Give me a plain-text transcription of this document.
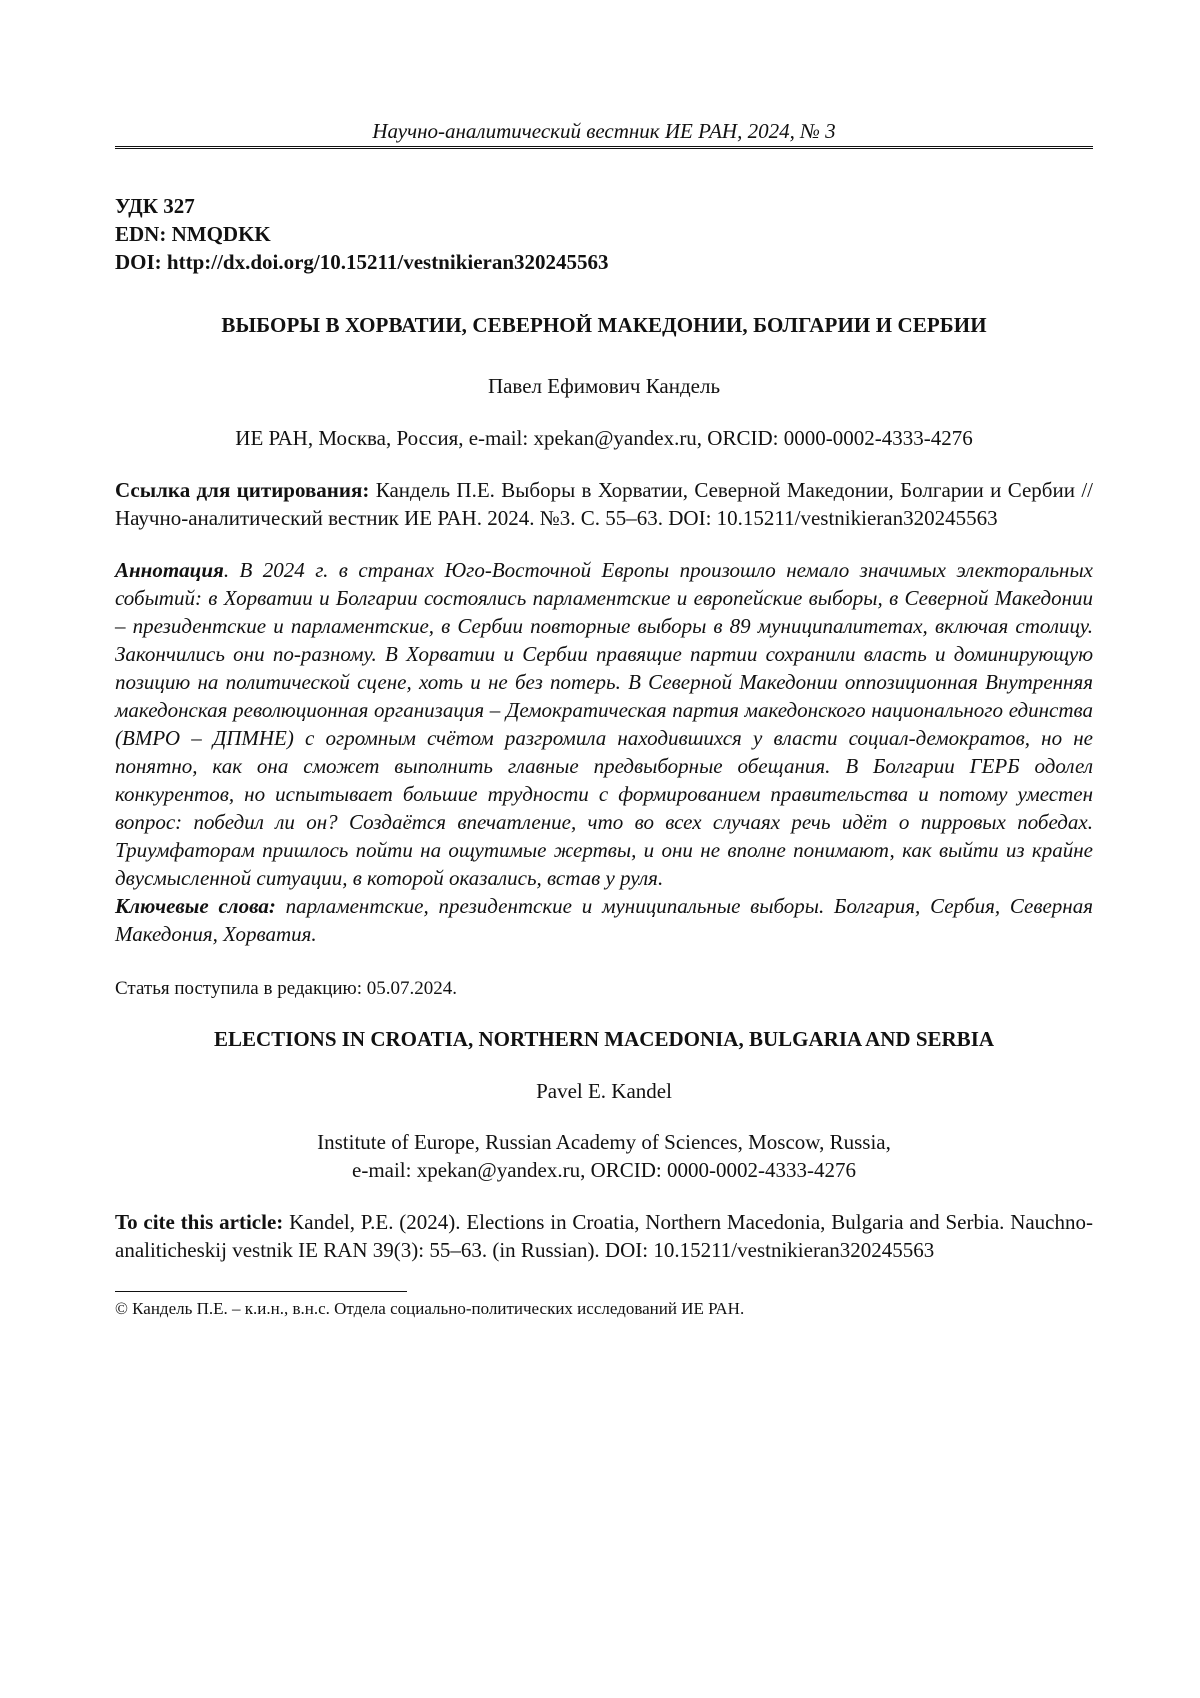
Научно-аналитический вестник ИЕ РАН, 2024, № 3

УДК 327

EDN: NMQDKK

DOI: http://dx.doi.org/10.15211/vestnikieran320245563

ВЫБОРЫ В ХОРВАТИИ, СЕВЕРНОЙ МАКЕДОНИИ, БОЛГАРИИ И СЕРБИИ
Павел Ефимович Кандель
ИЕ РАН, Москва, Россия, e-mail: xpekan@yandex.ru, ORCID: 0000-0002-4333-4276

Ссылка для цитирования: Кандель П.Е. Выборы в Хорватии, Северной Македонии, Болгарии и Сербии // Научно-аналитический вестник ИЕ РАН. 2024. №3. С. 55–63. DOI: 10.15211/vestnikieran320245563

Аннотация. В 2024 г. в странах Юго-Восточной Европы произошло немало значимых электоральных событий: в Хорватии и Болгарии состоялись парламентские и европейские выборы, в Северной Македонии – президентские и парламентские, в Сербии повторные выборы в 89 муниципалитетах, включая столицу. Закончились они по-разному. В Хорватии и Сербии правящие партии сохранили власть и доминирующую позицию на политической сцене, хоть и не без потерь. В Северной Македонии оппозиционная Внутренняя македонская революционная организация – Демократическая партия македонского национального единства (ВМРО – ДПМНЕ) с огромным счётом разгромила находившихся у власти социал-демократов, но не понятно, как она сможет выполнить главные предвыборные обещания. В Болгарии ГЕРБ одолел конкурентов, но испытывает большие трудности с формированием правительства и потому уместен вопрос: победил ли он? Создаётся впечатление, что во всех случаях речь идёт о пирровых победах. Триумфаторам пришлось пойти на ощутимые жертвы, и они не вполне понимают, как выйти из крайне двусмысленной ситуации, в которой оказались, встав у руля.

Ключевые слова: парламентские, президентские и муниципальные выборы. Болгария, Сербия, Северная Македония, Хорватия.

Статья поступила в редакцию: 05.07.2024.

ELECTIONS IN CROATIA, NORTHERN MACEDONIA, BULGARIA AND SERBIA
Pavel E. Kandel
Institute of Europe, Russian Academy of Sciences, Moscow, Russia,
e-mail: xpekan@yandex.ru, ORCID: 0000-0002-4333-4276

To cite this article: Kandel, P.E. (2024). Elections in Croatia, Northern Macedonia, Bulgaria and Serbia. Nauchno-analiticheskij vestnik IE RAN 39(3): 55–63. (in Russian). DOI: 10.15211/vestnikieran320245563

© Кандель П.Е. – к.и.н., в.н.с. Отдела социально-политических исследований ИЕ РАН.
